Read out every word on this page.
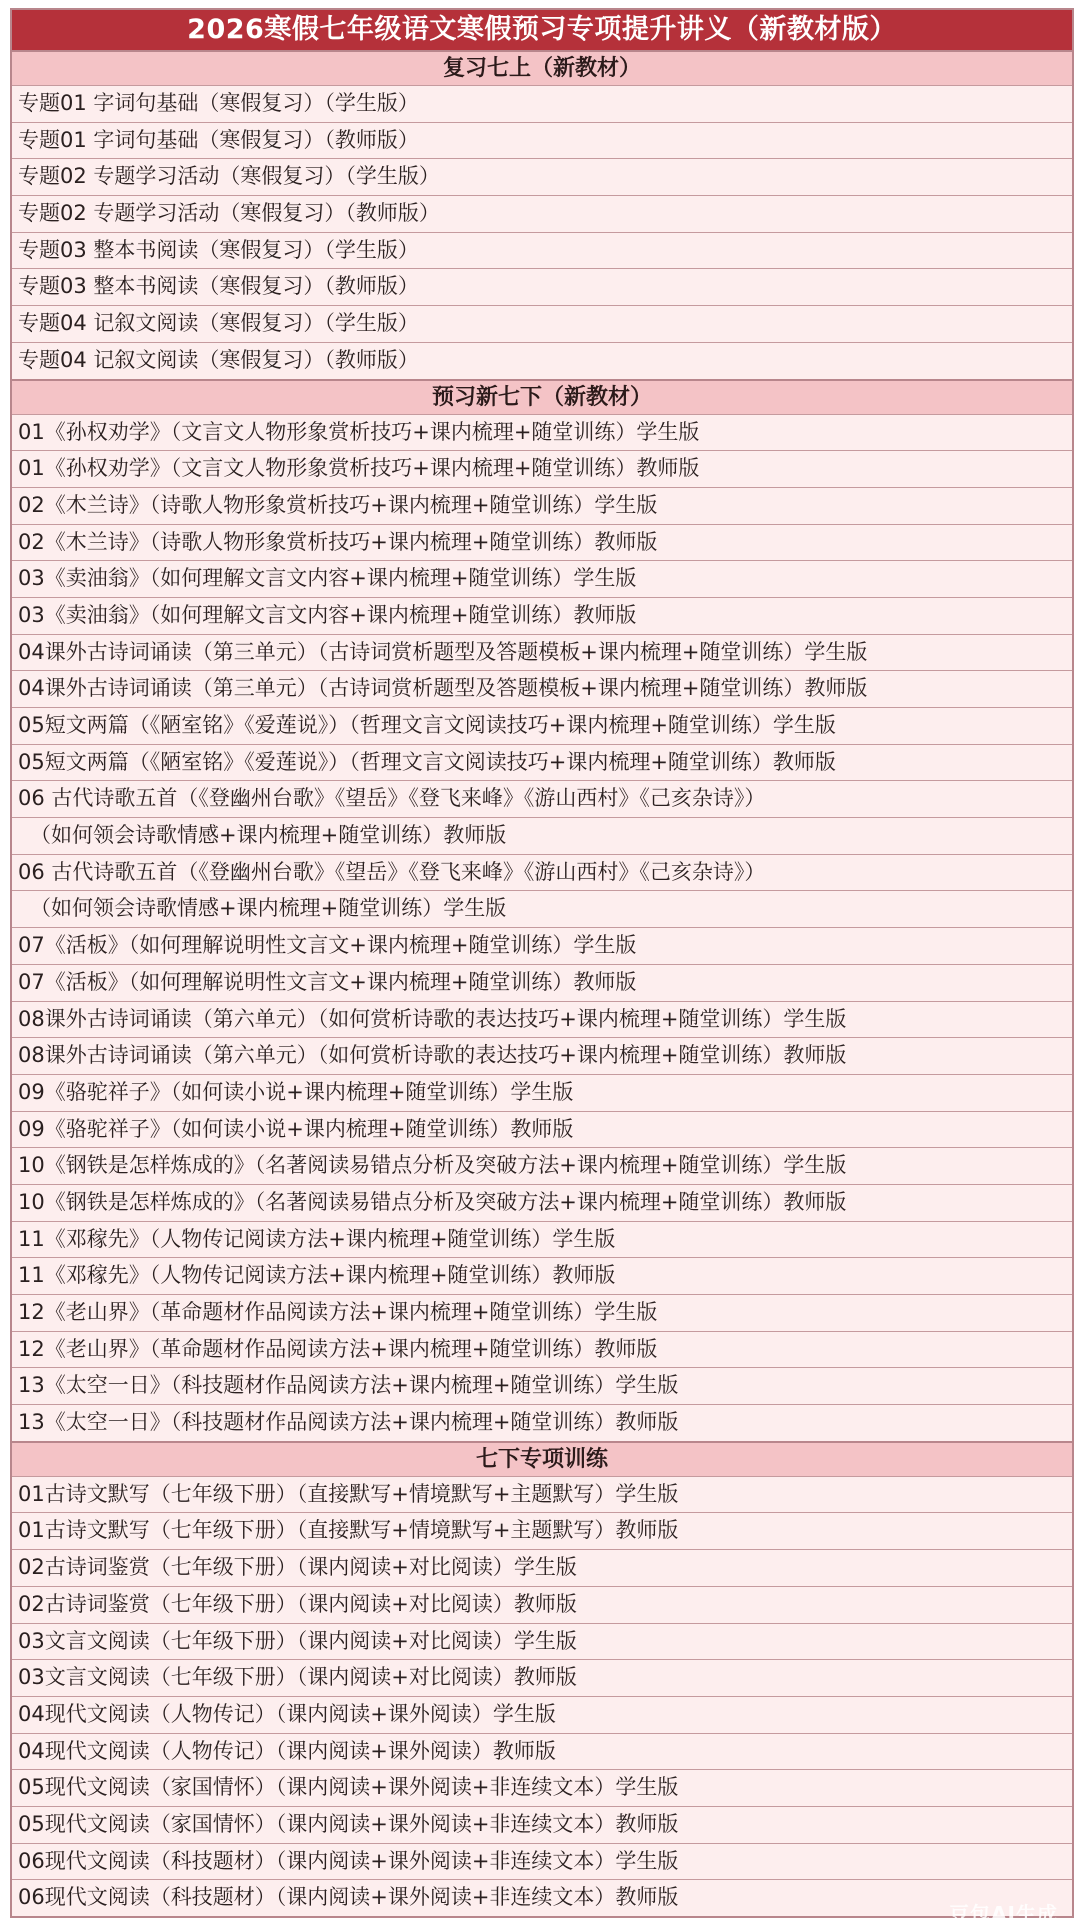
2026寒假七年级语文寒假预习专项提升讲义（新教材版）
复习七上（新教材）
专题01 字词句基础（寒假复习）（学生版）
专题01 字词句基础（寒假复习）（教师版）
专题02 专题学习活动（寒假复习）（学生版）
专题02 专题学习活动（寒假复习）（教师版）
专题03 整本书阅读（寒假复习）（学生版）
专题03 整本书阅读（寒假复习）（教师版）
专题04 记叙文阅读（寒假复习）（学生版）
专题04 记叙文阅读（寒假复习）（教师版）
预习新七下（新教材）
01《孙权劝学》（文言文人物形象赏析技巧+课内梳理+随堂训练）学生版
01《孙权劝学》（文言文人物形象赏析技巧+课内梳理+随堂训练）教师版
02《木兰诗》（诗歌人物形象赏析技巧+课内梳理+随堂训练）学生版
02《木兰诗》（诗歌人物形象赏析技巧+课内梳理+随堂训练）教师版
03《卖油翁》（如何理解文言文内容+课内梳理+随堂训练）学生版
03《卖油翁》（如何理解文言文内容+课内梳理+随堂训练）教师版
04课外古诗词诵读（第三单元）（古诗词赏析题型及答题模板+课内梳理+随堂训练）学生版
04课外古诗词诵读（第三单元）（古诗词赏析题型及答题模板+课内梳理+随堂训练）教师版
05短文两篇（《陋室铭》《爱莲说》）（哲理文言文阅读技巧+课内梳理+随堂训练）学生版
05短文两篇（《陋室铭》《爱莲说》）（哲理文言文阅读技巧+课内梳理+随堂训练）教师版
06 古代诗歌五首（《登幽州台歌》《望岳》《登飞来峰》《游山西村》《己亥杂诗》）
（如何领会诗歌情感+课内梳理+随堂训练）教师版
06 古代诗歌五首（《登幽州台歌》《望岳》《登飞来峰》《游山西村》《己亥杂诗》）
（如何领会诗歌情感+课内梳理+随堂训练）学生版
07《活板》（如何理解说明性文言文+课内梳理+随堂训练）学生版
07《活板》（如何理解说明性文言文+课内梳理+随堂训练）教师版
08课外古诗词诵读（第六单元）（如何赏析诗歌的表达技巧+课内梳理+随堂训练）学生版
08课外古诗词诵读（第六单元）（如何赏析诗歌的表达技巧+课内梳理+随堂训练）教师版
09《骆驼祥子》（如何读小说+课内梳理+随堂训练）学生版
09《骆驼祥子》（如何读小说+课内梳理+随堂训练）教师版
10《钢铁是怎样炼成的》（名著阅读易错点分析及突破方法+课内梳理+随堂训练）学生版
10《钢铁是怎样炼成的》（名著阅读易错点分析及突破方法+课内梳理+随堂训练）教师版
11《邓稼先》（人物传记阅读方法+课内梳理+随堂训练）学生版
11《邓稼先》（人物传记阅读方法+课内梳理+随堂训练）教师版
12《老山界》（革命题材作品阅读方法+课内梳理+随堂训练）学生版
12《老山界》（革命题材作品阅读方法+课内梳理+随堂训练）教师版
13《太空一日》（科技题材作品阅读方法+课内梳理+随堂训练）学生版
13《太空一日》（科技题材作品阅读方法+课内梳理+随堂训练）教师版
七下专项训练
01古诗文默写（七年级下册）（直接默写+情境默写+主题默写）学生版
01古诗文默写（七年级下册）（直接默写+情境默写+主题默写）教师版
02古诗词鉴赏（七年级下册）（课内阅读+对比阅读）学生版
02古诗词鉴赏（七年级下册）（课内阅读+对比阅读）教师版
03文言文阅读（七年级下册）（课内阅读+对比阅读）学生版
03文言文阅读（七年级下册）（课内阅读+对比阅读）教师版
04现代文阅读（人物传记）（课内阅读+课外阅读）学生版
04现代文阅读（人物传记）（课内阅读+课外阅读）教师版
05现代文阅读（家国情怀）（课内阅读+课外阅读+非连续文本）学生版
05现代文阅读（家国情怀）（课内阅读+课外阅读+非连续文本）教师版
06现代文阅读（科技题材）（课内阅读+课外阅读+非连续文本）学生版
06现代文阅读（科技题材）（课内阅读+课外阅读+非连续文本）教师版
豆包AI生成
